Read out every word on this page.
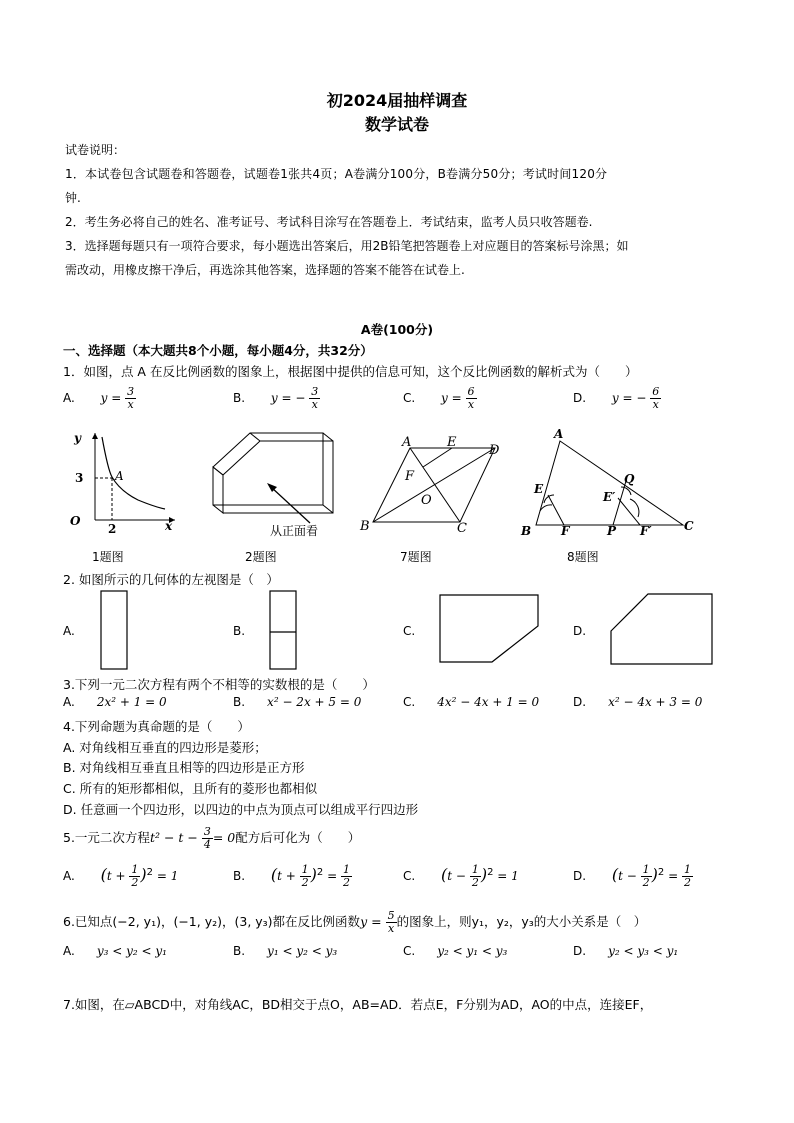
初2024届抽样调查
数学试卷
试卷说明：
1．本试卷包含试题卷和答题卷，试题卷1张共4页；A卷满分100分，B卷满分50分；考试时间120分
钟.
2．考生务必将自己的姓名、准考证号、考试科目涂写在答题卷上．考试结束，监考人员只收答题卷.
3．选择题每题只有一项符合要求，每小题选出答案后，用2B铅笔把答题卷上对应题目的答案标号涂黑；如
需改动，用橡皮擦干净后，再选涂其他答案，选择题的答案不能答在试卷上.
A卷(100分)
一、选择题（本大题共8个小题，每小题4分，共32分）
1．如图，点 A 在反比例函数的图象上，根据图中提供的信息可知，这个反比例函数的解析式为（　　）
A. $y = \frac{3}{x}$	B. y = − $\frac{3}{x}$	C. $y = \frac{6}{x}$	D. y = − $\frac{6}{x}$
y
x
O
3
2
A
1题图
从正面看
2题图
A	E
D
F
O
B	C
7题图
A
E
B F
Q
E′
P F′	C
8题图
2. 如图所示的几何体的左视图是（　）
A.	B.	C.	D.
3.下列一元二次方程有两个不相等的实数根的是（　　）
A. 2x² + 1 = 0	B. x² − 2x + 5 = 0	C. 4x² − 4x + 1 = 0	D. x² − 4x + 3 = 0
4.下列命题为真命题的是（　　）
A. 对角线相互垂直的四边形是菱形；
B. 对角线相互垂直且相等的四边形是正方形
C. 所有的矩形都相似，且所有的菱形也都相似
D. 任意画一个四边形，以四边的中点为顶点可以组成平行四边形
5.一元二次方程$t^2 - t - \frac{3}{4} = 0$配方后可化为（　　）
A. $(t + \frac{1}{2} )^2 = 1$	B. $(t + \frac{1}{2} )^2 = \frac{1}{2}$	C. $(t - \frac{1}{2} )^2 = 1$	D. $(t - \frac{1}{2} )^2 = \frac{1}{2}$
6.已知点(−2, y₁)，(−1, y₂)，(3, y₃)都在反比例函数$y = \frac{5}{x}$ 的图象上，则y₁，y₂，y₃的大小关系是（　）
A. y₃ < y₂ < y₁	B. y₁ < y₂ < y₃	C. y₂ < y₁ < y₃	D. y₂ < y₃ < y₁
7.如图，在▱ABCD中，对角线AC，BD相交于点O，AB=AD．若点E，F分别为AD，AO的中点，连接EF，
